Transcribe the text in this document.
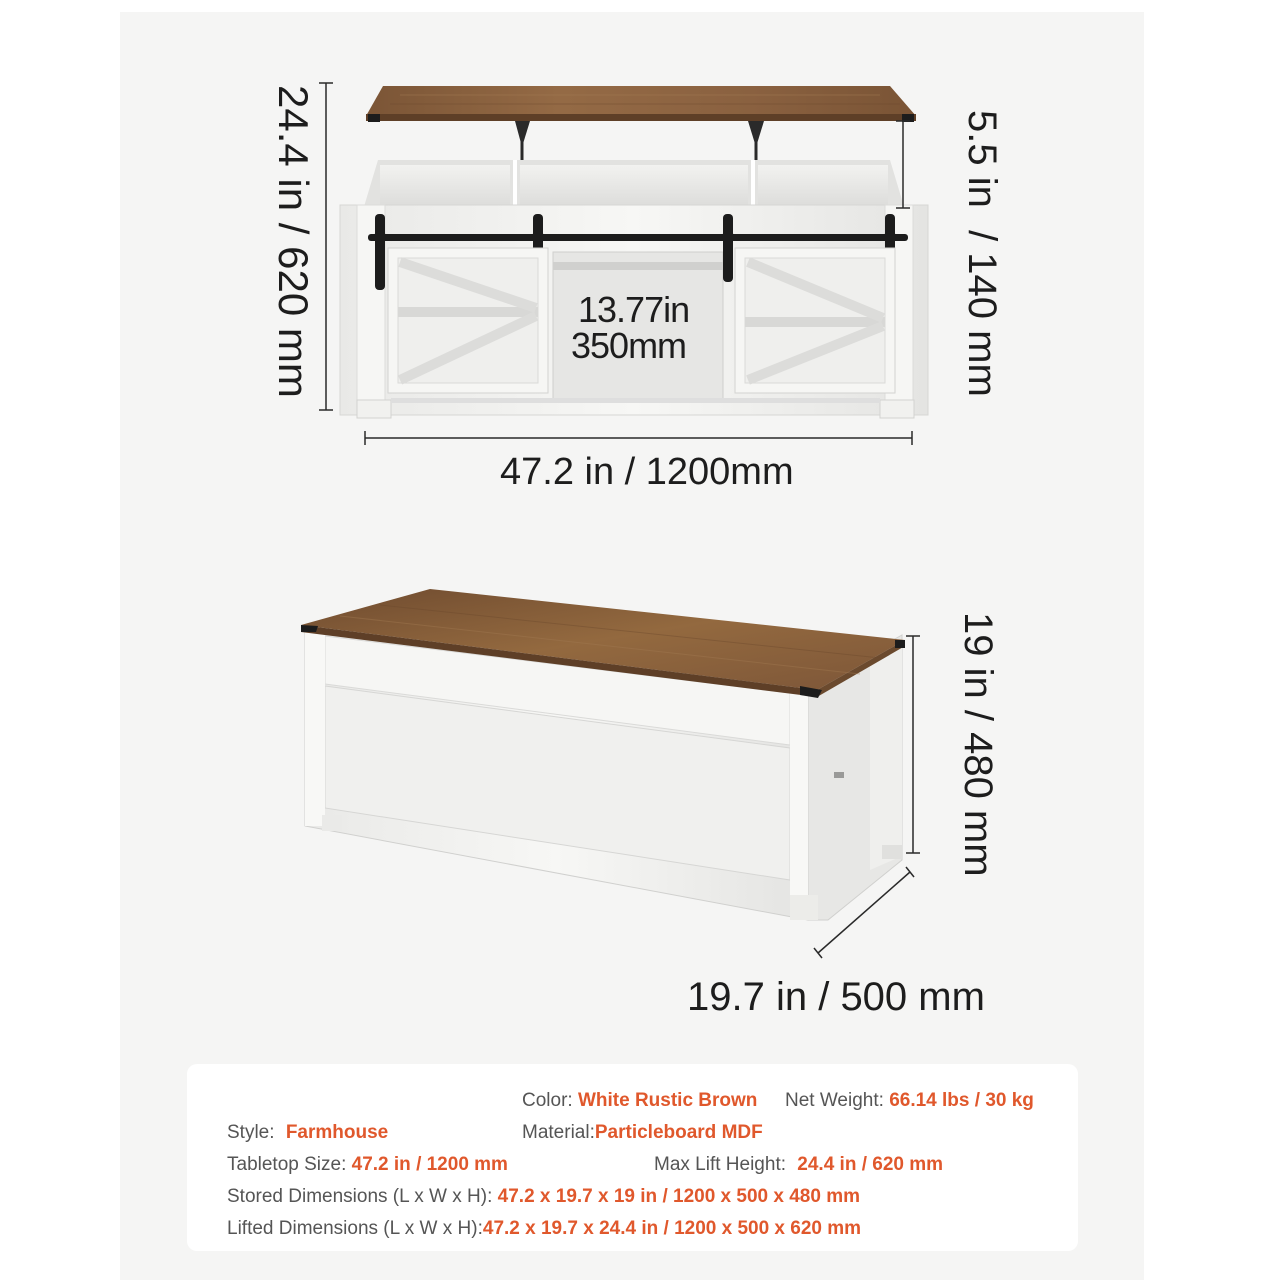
24.4 in / 620 mm	5.5 in  / 140 mm
13.77in
350mm
47.2 in / 1200mm
19 in / 480 mm
19.7 in / 500 mm
Color: White Rustic Brown Net Weight: 66.14 lbs / 30 kg
Style: Farmhouse	Material:Particleboard MDF
Tabletop Size: 47.2 in / 1200 mm	Max Lift Height: 24.4 in / 620 mm
Stored Dimensions (L x W x H): 47.2 x 19.7 x 19 in / 1200 x 500 x 480 mm
Lifted Dimensions (L x W x H):47.2 x 19.7 x 24.4 in / 1200 x 500 x 620 mm
